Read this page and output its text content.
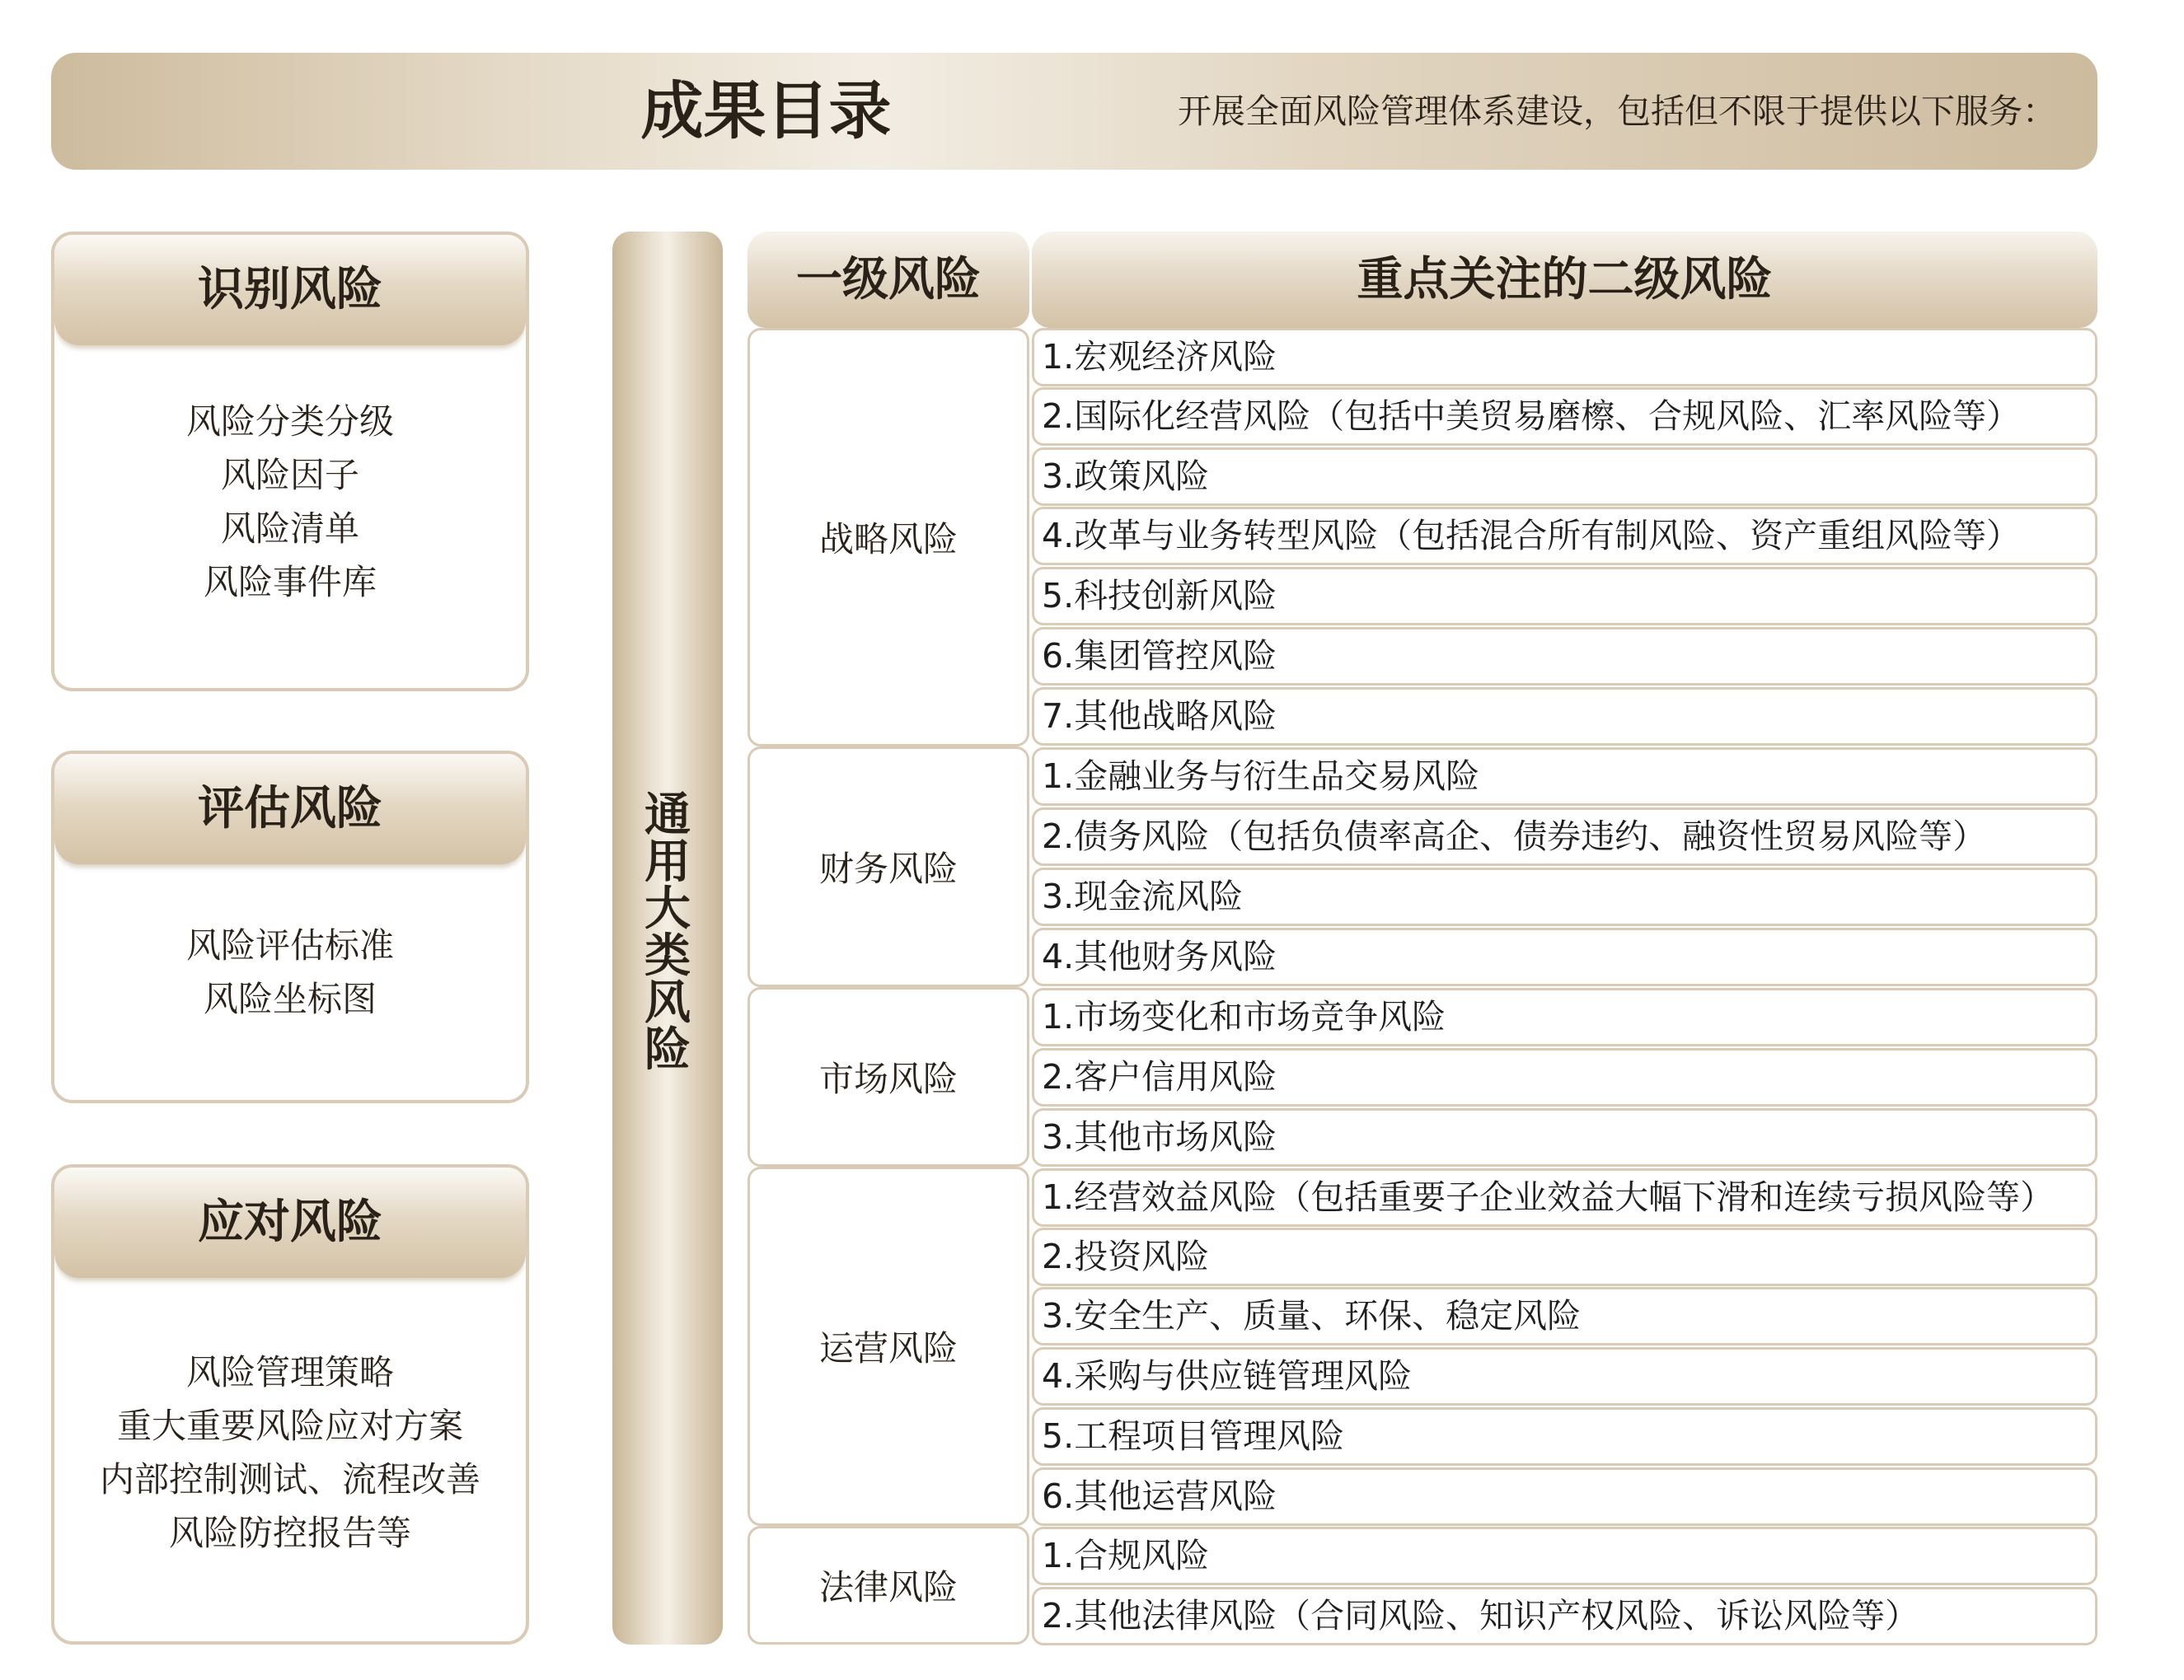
成果目录	开展全面风险管理体系建设，包括但不限于提供以下服务：
识别风险
风险分类分级
风险因子
风险清单
风险事件库
评估风险
风险评估标准
风险坐标图
应对风险
风险管理策略
重大重要风险应对方案
内部控制测试、流程改善
风险防控报告等
通
用
大
类
风
险
一级风险	重点关注的二级风险
战略风险
财务风险
市场风险
运营风险
法律风险
1.宏观经济风险
2.国际化经营风险（包括中美贸易磨檫、合规风险、汇率风险等）
3.政策风险
4.改革与业务转型风险（包括混合所有制风险、资产重组风险等）
5.科技创新风险
6.集团管控风险
7.其他战略风险
1.金融业务与衍生品交易风险
2.债务风险（包括负债率高企、债券违约、融资性贸易风险等）
3.现金流风险
4.其他财务风险
1.市场变化和市场竞争风险
2.客户信用风险
3.其他市场风险
1.经营效益风险（包括重要子企业效益大幅下滑和连续亏损风险等）
2.投资风险
3.安全生产、质量、环保、稳定风险
4.采购与供应链管理风险
5.工程项目管理风险
6.其他运营风险
1.合规风险
2.其他法律风险（合同风险、知识产权风险、诉讼风险等）
